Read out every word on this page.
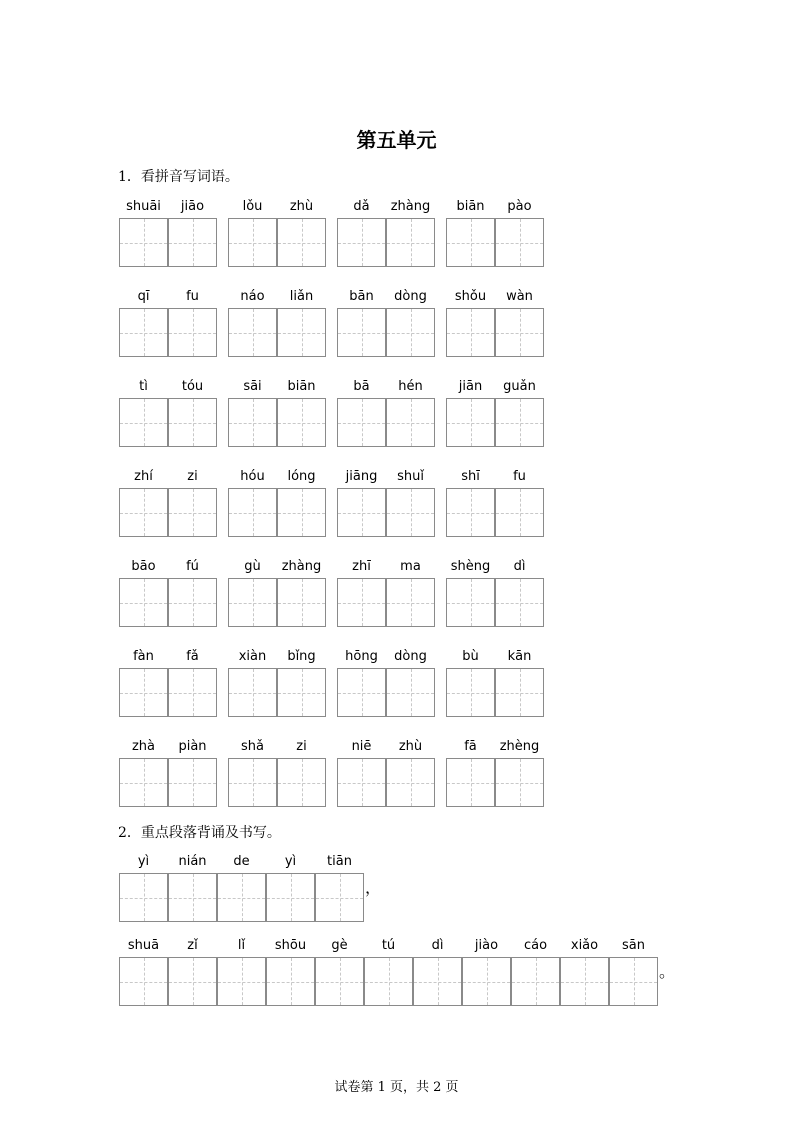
第五单元
1．看拼音写词语。
shuāi	jiāo	lǒu	zhù	dǎ	zhàng	biān	pào
qī	fu	náo	liǎn	bān	dòng	shǒu	wàn
tì	tóu	sāi	biān	bā	hén	jiān	guǎn
zhí	zi	hóu	lóng	jiāng	shuǐ	shī	fu
bāo	fú	gù	zhàng	zhī	ma	shèng	dì
fàn	fǎ	xiàn	bǐng	hōng	dòng	bù	kān
zhà	piàn	shǎ	zi	niē	zhù	fā	zhèng
2．重点段落背诵及书写。
yì	nián	de	yì	tiān
，
shuā	zǐ	lǐ	shōu	gè	tú	dì	jiào	cáo	xiǎo	sān
。
试卷第 1 页，共 2 页
